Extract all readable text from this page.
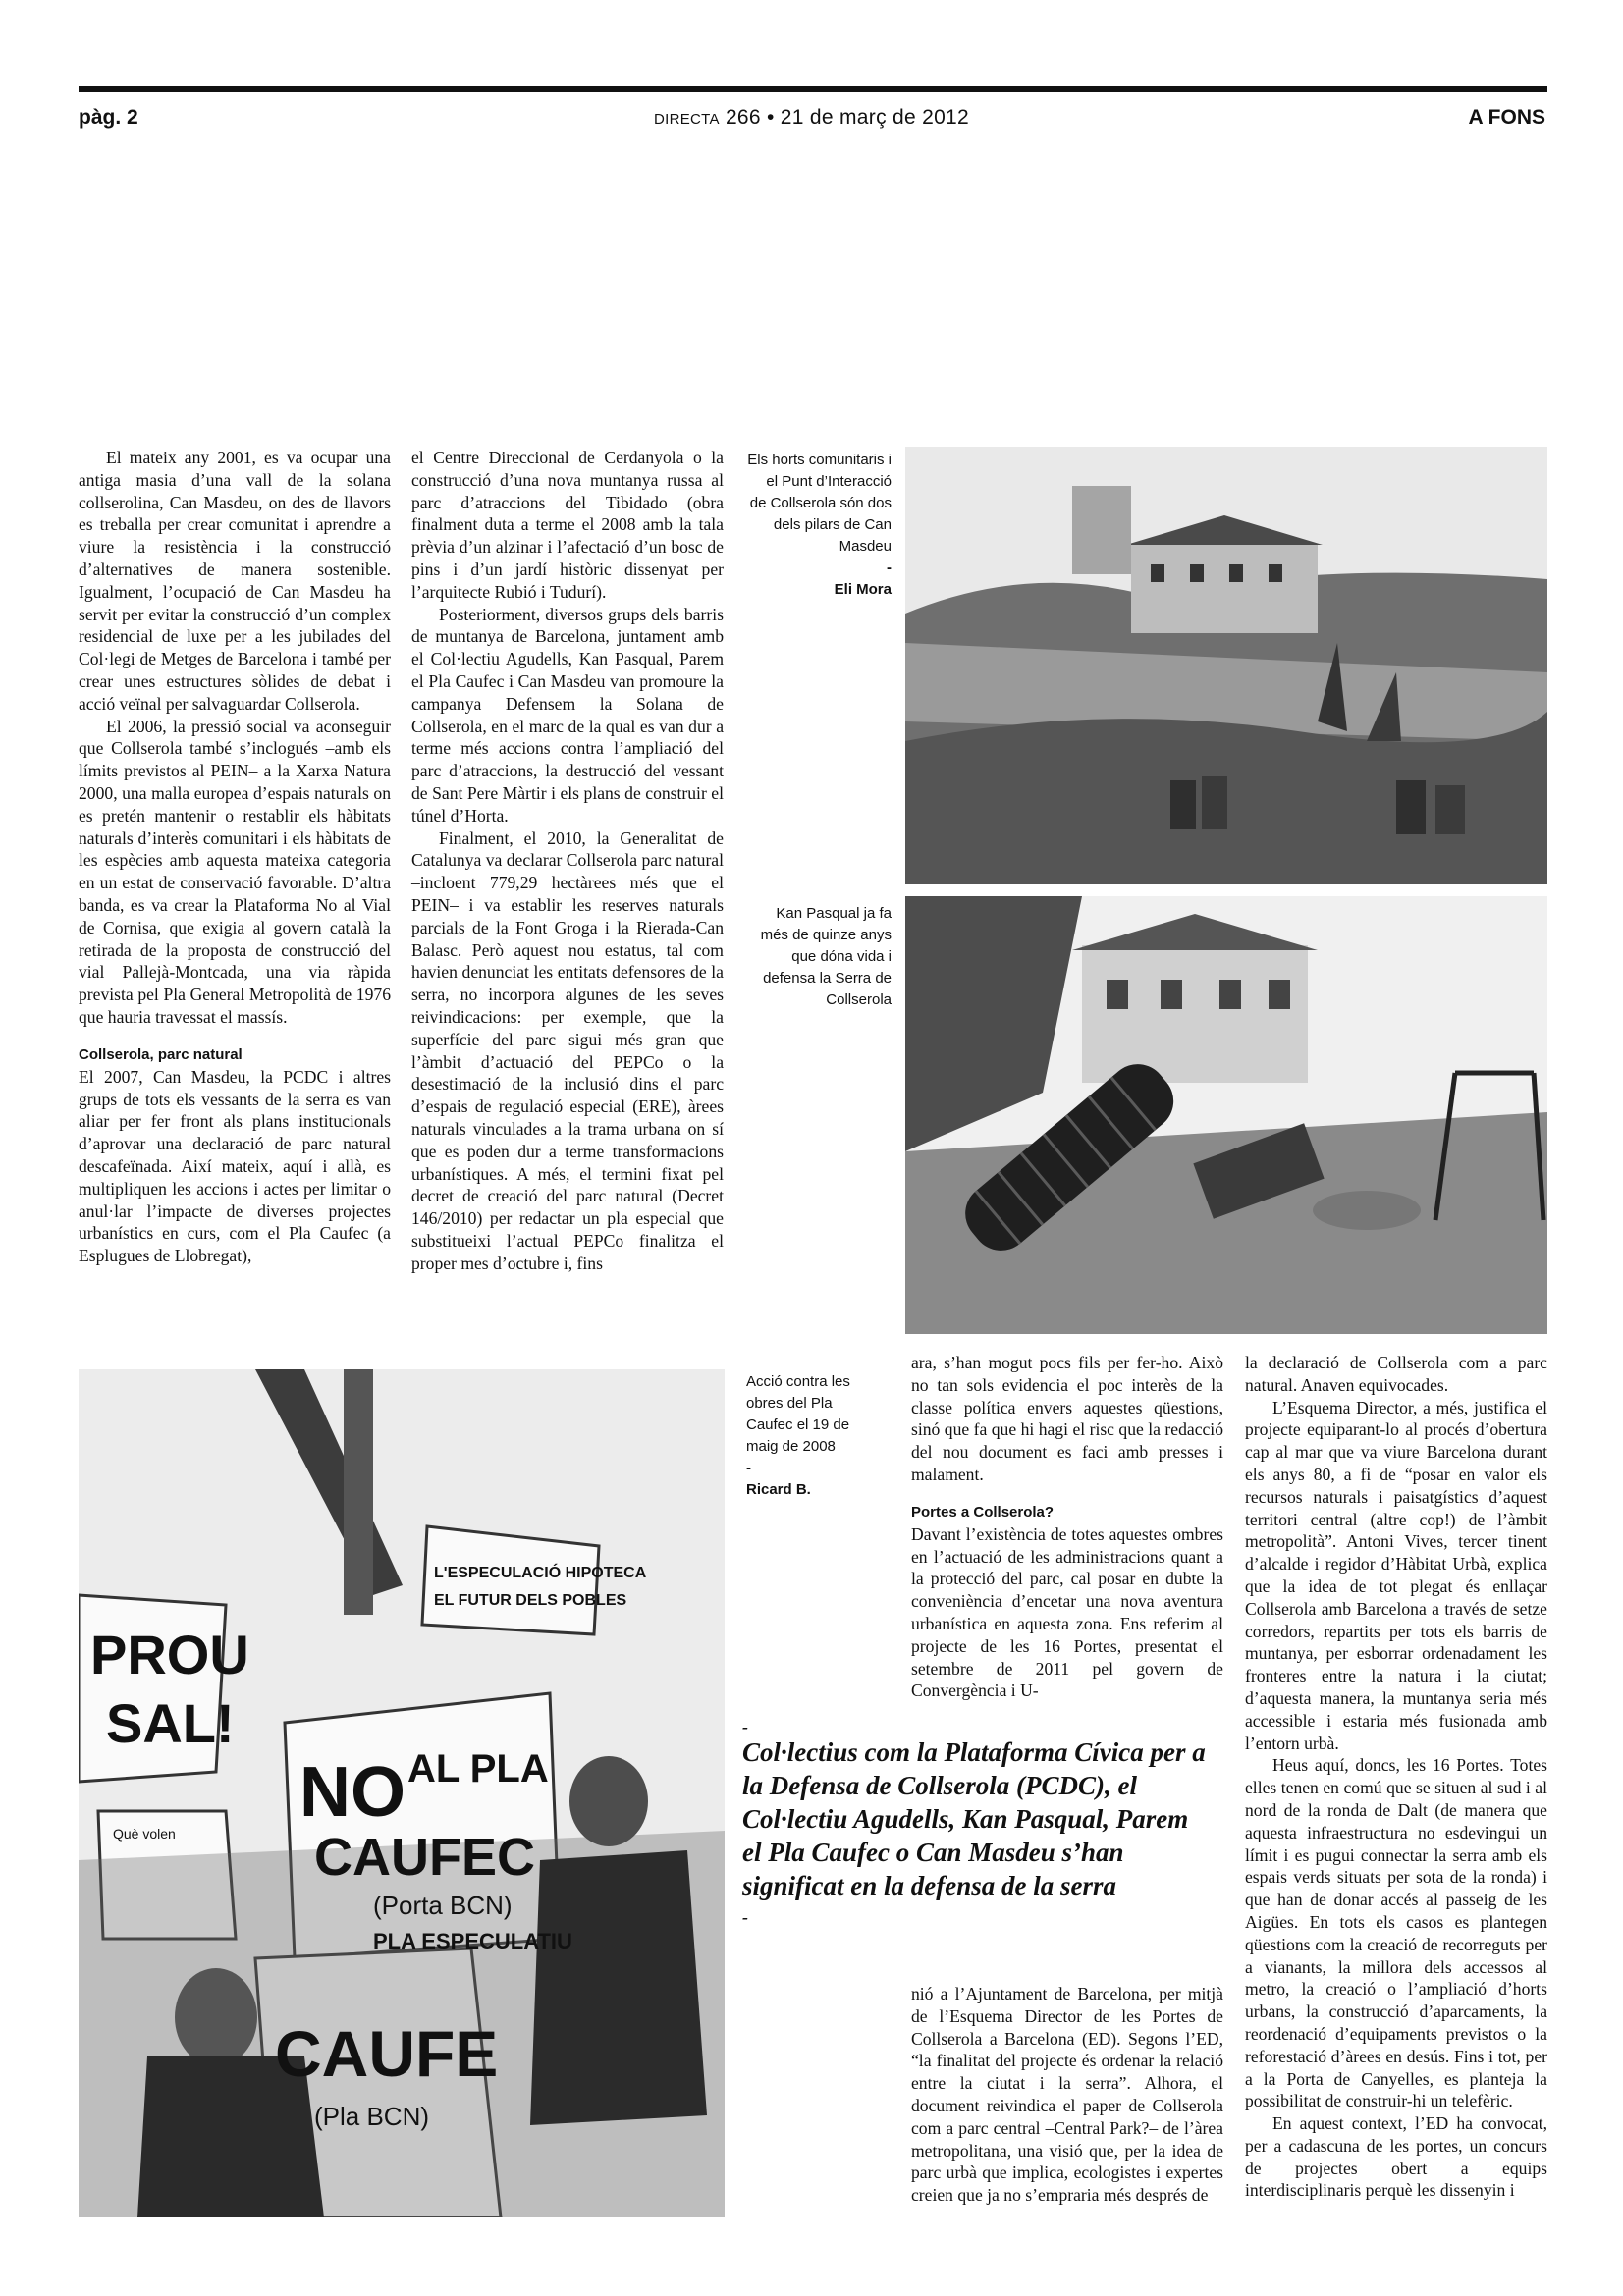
pàg. 2	DIRECTA 266 • 21 de març de 2012	A FONS

El mateix any 2001, es va ocupar una antiga masia d’una vall de la solana collserolina, Can Masdeu, on des de llavors es treballa per crear comunitat i aprendre a viure la resistència i la construcció d’alternatives de manera sostenible. Igualment, l’ocupació de Can Masdeu ha servit per evitar la construcció d’un complex residencial de luxe per a les jubilades del Col·legi de Metges de Barcelona i també per crear unes estructures sòlides de debat i acció veïnal per salvaguardar Collserola.

El 2006, la pressió social va aconseguir que Collserola també s’inclogués –amb els límits previstos al PEIN– a la Xarxa Natura 2000, una malla europea d’espais naturals on es pretén mantenir o restablir els hàbitats naturals d’interès comunitari i els hàbitats de les espècies amb aquesta mateixa categoria en un estat de conservació favorable. D’altra banda, es va crear la Plataforma No al Vial de Cornisa, que exigia al govern català la retirada de la proposta de construcció del vial Pallejà-Montcada, una via ràpida prevista pel Pla General Metropolità de 1976 que hauria travessat el massís.

Collserola, parc natural

El 2007, Can Masdeu, la PCDC i altres grups de tots els vessants de la serra es van aliar per fer front als plans institucionals d’aprovar una declaració de parc natural descafeïnada. Així mateix, aquí i allà, es multipliquen les accions i actes per limitar o anul·lar l’impacte de diverses projectes urbanístics en curs, com el Pla Caufec (a Esplugues de Llobregat),

el Centre Direccional de Cerdanyola o la construcció d’una nova muntanya russa al parc d’atraccions del Tibidado (obra finalment duta a terme el 2008 amb la tala prèvia d’un alzinar i l’afectació d’un bosc de pins i d’un jardí històric dissenyat per l’arquitecte Rubió i Tudurí).

Posteriorment, diversos grups dels barris de muntanya de Barcelona, juntament amb el Col·lectiu Agudells, Kan Pasqual, Parem el Pla Caufec i Can Masdeu van promoure la campanya Defensem la Solana de Collserola, en el marc de la qual es van dur a terme més accions contra l’ampliació del parc d’atraccions, la destrucció del vessant de Sant Pere Màrtir i els plans de construir el túnel d’Horta.

Finalment, el 2010, la Generalitat de Catalunya va declarar Collserola parc natural –incloent 779,29 hectàrees més que el PEIN– i va establir les reserves naturals parcials de la Font Groga i la Rierada-Can Balasc. Però aquest nou estatus, tal com havien denunciat les entitats defensores de la serra, no incorpora algunes de les seves reivindicacions: per exemple, que la superfície del parc sigui més gran que l’àmbit d’actuació del PEPCo o la desestimació de la inclusió dins el parc d’espais de regulació especial (ERE), àrees naturals vinculades a la trama urbana on sí que es poden dur a terme transformacions urbanístiques. A més, el termini fixat pel decret de creació del parc natural (Decret 146/2010) per redactar un pla especial que substitueixi l’actual PEPCo finalitza el proper mes d’octubre i, fins

Els horts comunitaris i el Punt d’Interacció de Collserola són dos dels pilars de Can Masdeu
-
Eli Mora
Kan Pasqual ja fa més de quinze anys que dóna vida i defensa la Serra de Collserola
PROU
SAL!
L'ESPECULACIÓ HIPOTECA
EL FUTUR DELS POBLES
NO AL PLA
CAUFEC
(Porta BCN)
PLA ESPECULATIU
Què volen
CAUFE
(Pla BCN)
Acció contra les obres del Pla Caufec el 19 de maig de 2008
-
Ricard B.

ara, s’han mogut pocs fils per fer-ho. Això no tan sols evidencia el poc interès de la classe política envers aquestes qüestions, sinó que fa que hi hagi el risc que la redacció del nou document es faci amb presses i malament.

Portes a Collserola?

Davant l’existència de totes aquestes ombres en l’actuació de les administracions quant a la protecció del parc, cal posar en dubte la conveniència d’encetar una nova aventura urbanística en aquesta zona. Ens referim al projecte de les 16 Portes, presentat el setembre de 2011 pel govern de Convergència i U-

-
Col·lectius com la Plataforma Cívica per a la Defensa de Collserola (PCDC), el Col·lectiu Agudells, Kan Pasqual, Parem el Pla Caufec o Can Masdeu s’han significat en la defensa de la serra
-

nió a l’Ajuntament de Barcelona, per mitjà de l’Esquema Director de les Portes de Collserola a Barcelona (ED). Segons l’ED, “la finalitat del projecte és ordenar la relació entre la ciutat i la serra”. Alhora, el document reivindica el paper de Collserola com a parc central –Central Park?– de l’àrea metropolitana, una visió que, per la idea de parc urbà que implica, ecologistes i expertes creien que ja no s’empraria més després de

la declaració de Collserola com a parc natural. Anaven equivocades.

L’Esquema Director, a més, justifica el projecte equiparant-lo al procés d’obertura cap al mar que va viure Barcelona durant els anys 80, a fi de “posar en valor els recursos naturals i paisatgístics d’aquest territori central (altre cop!) de l’àmbit metropolità”. Antoni Vives, tercer tinent d’alcalde i regidor d’Hàbitat Urbà, explica que la idea de tot plegat és enllaçar Collserola amb Barcelona a través de setze corredors, repartits per tots els barris de muntanya, per esborrar ordenadament les fronteres entre la natura i la ciutat; d’aquesta manera, la muntanya seria més accessible i estaria més fusionada amb l’entorn urbà.

Heus aquí, doncs, les 16 Portes. Totes elles tenen en comú que se situen al sud i al nord de la ronda de Dalt (de manera que aquesta infraestructura no esdevingui un límit i es pugui connectar la serra amb els espais verds situats per sota de la ronda) i que han de donar accés al passeig de les Aigües. En tots els casos es plantegen qüestions com la creació de recorreguts per a vianants, la millora dels accessos al metro, la creació o l’ampliació d’horts urbans, la construcció d’aparcaments, la reordenació d’equipaments previstos o la reforestació d’àrees en desús. Fins i tot, per a la Porta de Canyelles, es planteja la possibilitat de construir-hi un telefèric.

En aquest context, l’ED ha convocat, per a cadascuna de les portes, un concurs de projectes obert a equips interdisciplinaris perquè les dissenyin i
